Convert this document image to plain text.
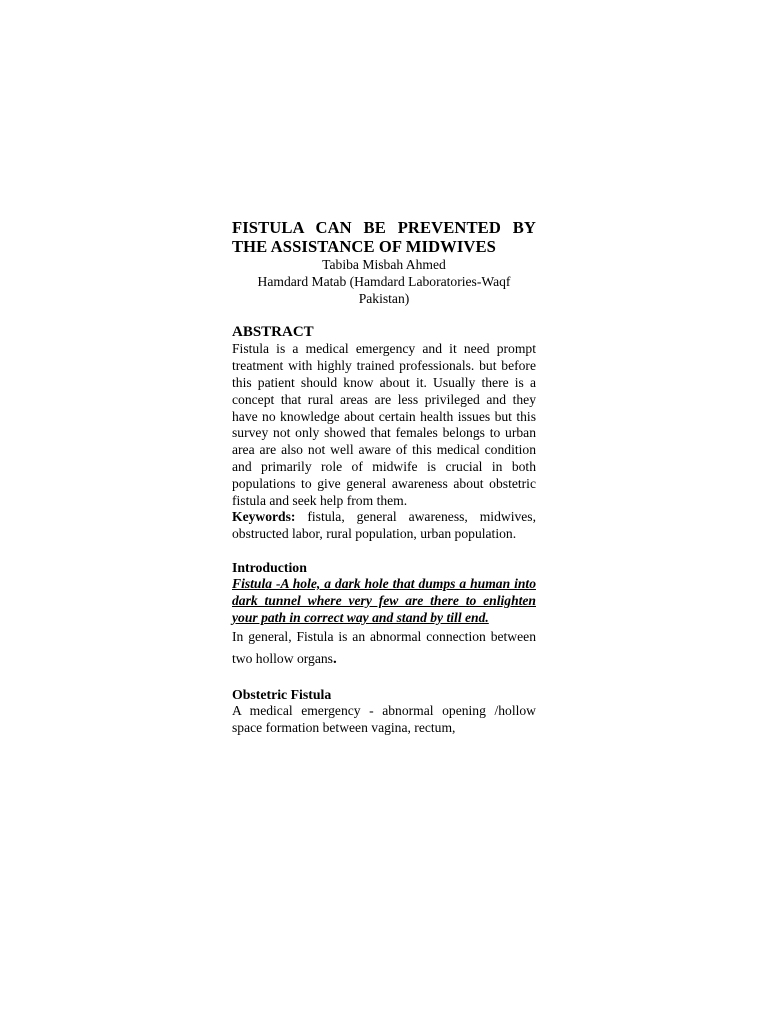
FISTULA CAN BE PREVENTED BY

THE ASSISTANCE OF MIDWIVES

Tabiba Misbah Ahmed

Hamdard Matab (Hamdard Laboratories-Waqf

Pakistan)

ABSTRACT

Fistula is a medical emergency and it need prompt treatment with highly trained professionals. but before this patient should know about it. Usually there is a concept that rural areas are less privileged and they have no knowledge about certain health issues but this survey not only showed that females belongs to urban area are also not well aware of this medical condition and primarily role of midwife is crucial in both populations to give general awareness about obstetric fistula and seek help from them.

Keywords: fistula, general awareness, midwives, obstructed labor, rural population, urban population.

Introduction

Fistula -A hole, a dark hole that dumps a human into dark tunnel where very few are there to enlighten your path in correct way and stand by till end.

In general, Fistula is an abnormal connection between two hollow organs.

Obstetric Fistula

A medical emergency - abnormal opening /hollow space formation between vagina, rectum,
